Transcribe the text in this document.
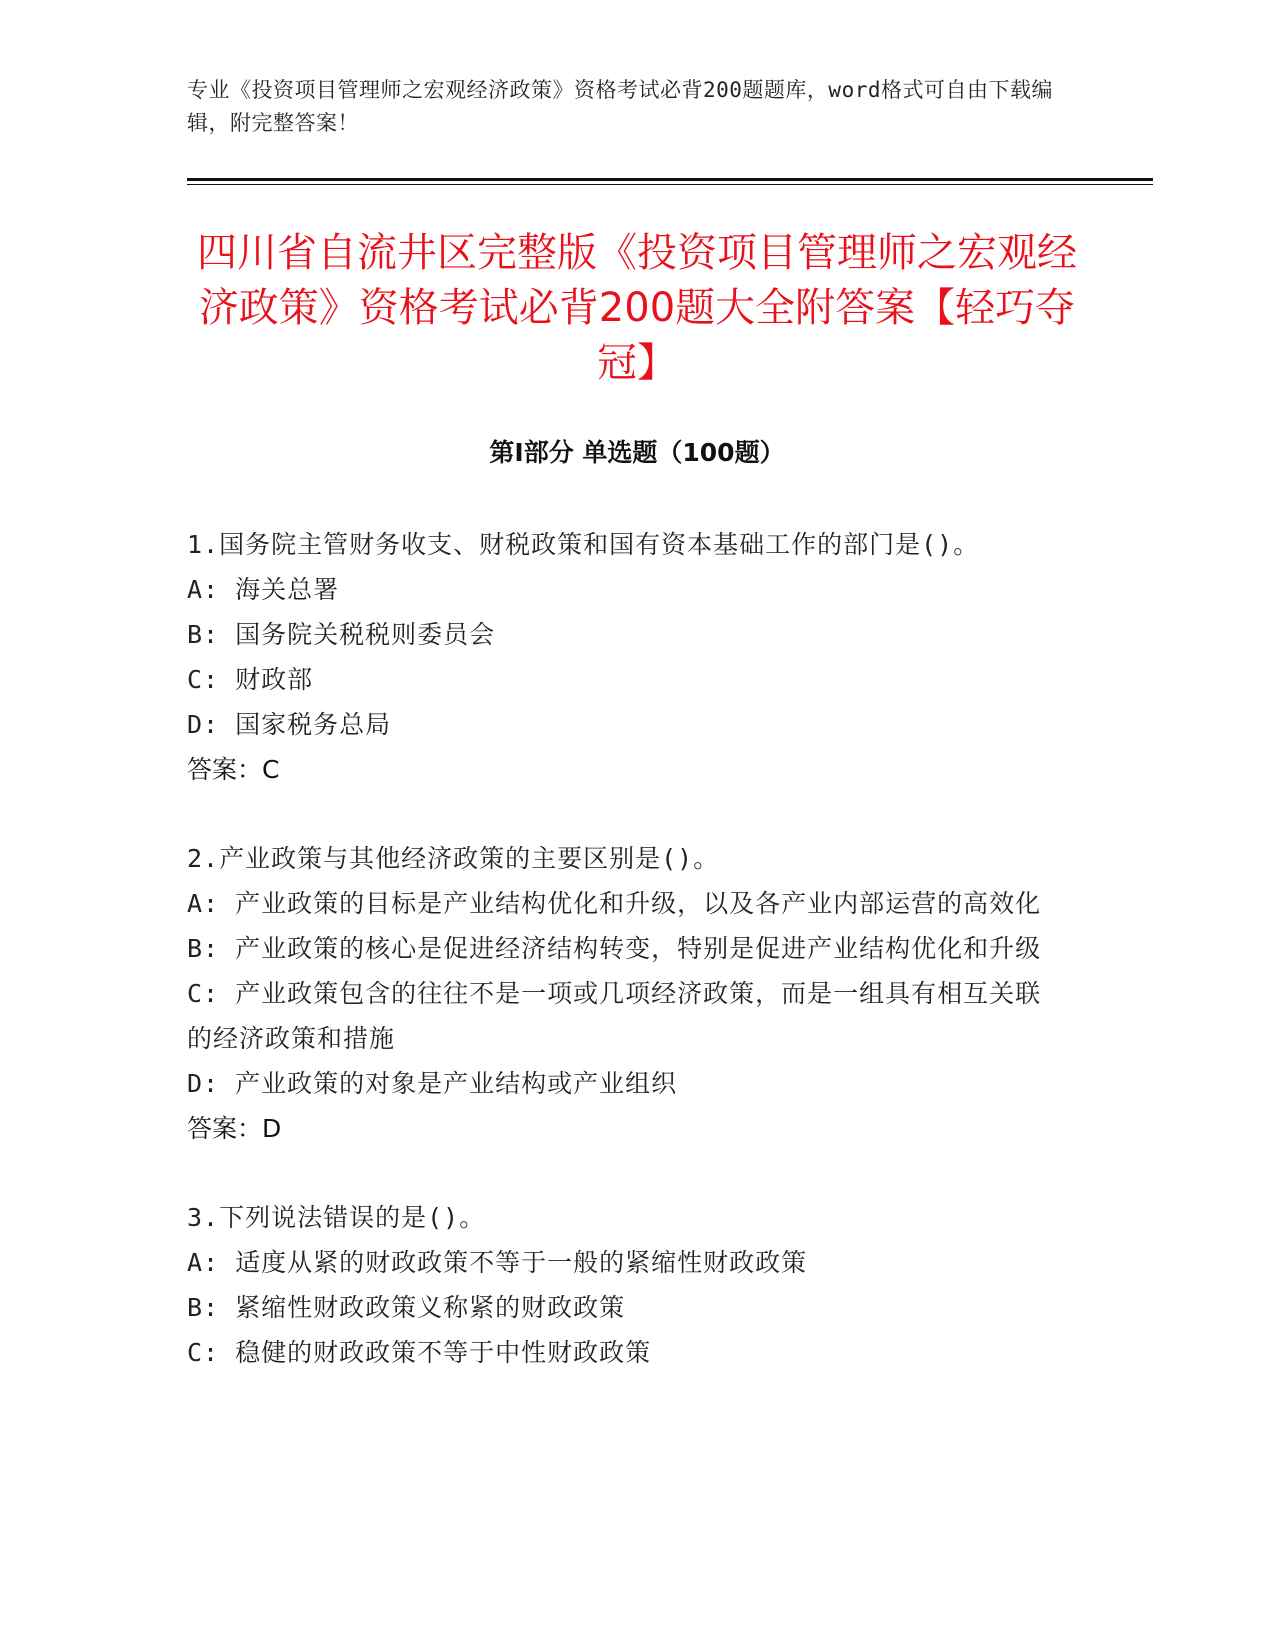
专业《投资项目管理师之宏观经济政策》资格考试必背200题题库，word格式可自由下载编辑，附完整答案！
四川省自流井区完整版《投资项目管理师之宏观经济政策》资格考试必背200题大全附答案【轻巧夺冠】
第I部分 单选题（100题）

1.国务院主管财务收支、财税政策和国有资本基础工作的部门是()。

A: 海关总署

B: 国务院关税税则委员会

C: 财政部

D: 国家税务总局

答案：C

2.产业政策与其他经济政策的主要区别是()。

A: 产业政策的目标是产业结构优化和升级，以及各产业内部运营的高效化

B: 产业政策的核心是促进经济结构转变，特别是促进产业结构优化和升级

C: 产业政策包含的往往不是一项或几项经济政策，而是一组具有相互关联的经济政策和措施

D: 产业政策的对象是产业结构或产业组织

答案：D

3.下列说法错误的是()。

A: 适度从紧的财政政策不等于一般的紧缩性财政政策

B: 紧缩性财政政策义称紧的财政政策

C: 稳健的财政政策不等于中性财政政策
